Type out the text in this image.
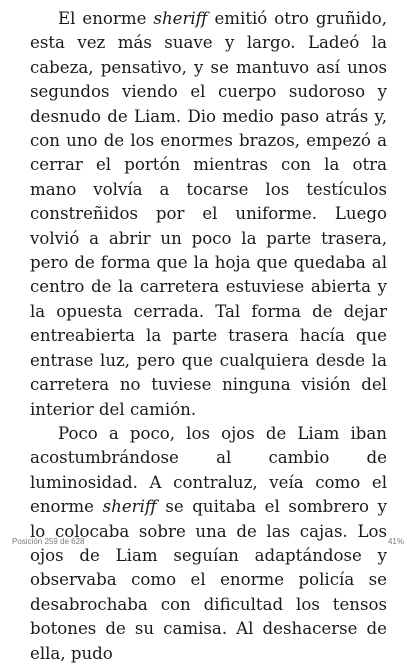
El enorme sheriff emitió otro gruñido, esta vez más suave y largo. Ladeó la cabeza, pensativo, y se mantuvo así unos segundos viendo el cuerpo sudoroso y desnudo de Liam. Dio medio paso atrás y, con uno de los enormes brazos, empezó a cerrar el portón mientras con la otra mano volvía a tocarse los testículos constreñidos por el uniforme. Luego volvió a abrir un poco la parte trasera, pero de forma que la hoja que quedaba al centro de la carretera estuviese abierta y la opuesta cerrada. Tal forma de dejar entreabierta la parte trasera hacía que entrase luz, pero que cualquiera desde la carretera no tuviese ninguna visión del interior del camión.

Poco a poco, los ojos de Liam iban acostumbrándose al cambio de luminosidad. A contraluz, veía como el enorme sheriff se quitaba el sombrero y lo colocaba sobre una de las cajas. Los ojos de Liam seguían adaptándose y observaba como el enorme policía se desabrochaba con dificultad los tensos botones de su camisa. Al deshacerse de ella, pudo

Posición 259 de 628	41%
